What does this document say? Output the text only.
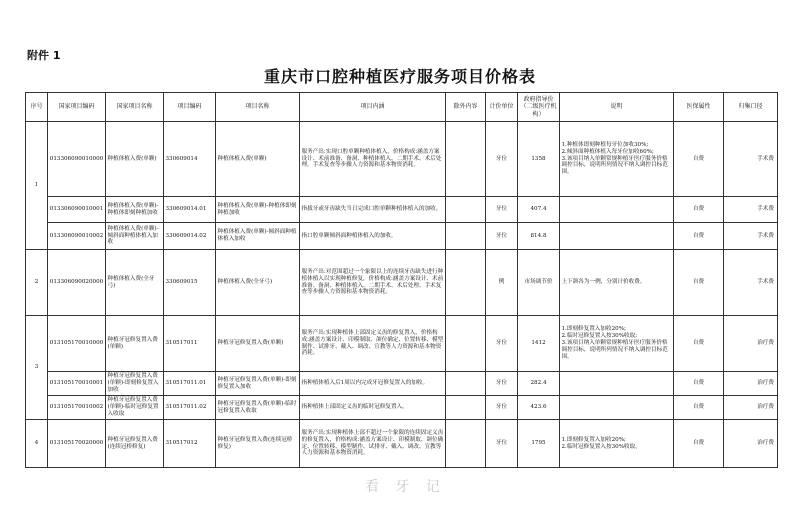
附件 1
重庆市口腔种植医疗服务项目价格表
序号	国家项目编码	国家项目名称	项目编码	项目名称	项目内涵	除外内容	计价单位	政府指导价（二级医疗机构）	说明	医保属性	归集口径
1	013306090010000	种植体植入费(单颗)	330609014	种植体植入费(单颗)	服务产出:实现口腔单颗种植体植入，价格构成:涵盖方案设计、术前准备、备洞、种植体植入、二期手术、术后处理，手术复查等步骤人力资源和基本物资消耗。		牙位	1358	1.种植体即刻种植每牙位加收30%;
2.倾斜面种植体植入每牙位加收60%;
3.该项目纳入单颗常规种植牙医疗服务价格调控目标，说明所列情况不纳入调控目标范围。	自费	手术费
	013306090010001	种植体植入费(单颗)-种植体即刻种植加收	330609014.01	种植体植入费(单颗)-种植体即刻种植加收	指拔牙或牙齿缺失当日完成口腔单颗种植体植入的加收。		牙位	407.4		自费	手术费
	013306090010002	种植体植入费(单颗)-倾斜面种植体植入加收	330609014.02	种植体植入费(单颗)-倾斜面种植体植入加收	指口腔单颗倾斜面种植体植入的加收。		牙位	814.8		自费	手术费
2	013306090020000	种植体植入费(全牙弓)	330609015	种植体植入费(全牙弓)	服务产出:对范围超过一个象限以上的连续牙齿缺失进行种植体植入以实现种植修复，价格构成:涵盖方案设计、术前准备、备洞、种植体植入、二期手术、术后处理、手术复查等步骤人力资源和基本物资消耗。		例	市场调节价	上下颌各为一例，分别计价收费。	自费	手术费
3	013105170010000	种植牙冠修复置入费(单颗)	310517011	种植牙冠修复置入费(单颗)	服务产出:实现种植体上部固定义齿的修复置入，价格构成:涵盖方案设计、印模制取、颌位确定、位置转移、模型制作、试排牙、戴入、调改、宣教等人力资源和基本物资消耗。		牙位	1412	1.即刻修复置入加收20%;
2.临时冠修复置入按30%收取;
3.该项目纳入单颗常规种植牙医疗服务价格调控目标，说明所列情况不纳入调控目标范围。	自费	治疗费
	013105170010001	种植牙冠修复置入费(单颗)-即刻修复置入加收	310517011.01	种植牙冠修复置入费(单颗)-即刻修复置入加收	指种植体植入后1周以内完成牙冠修复置入的加收。		牙位	282.4		自费	治疗费
	013105170010002	种植牙冠修复置入费(单颗)-临时冠修复置入收取	310517011.02	种植牙冠修复置入费(单颗)-临时冠修复置入收取	指种植体上部固定义齿的临时冠修复置入。		牙位	423.6		自费	治疗费
4	013105170020000	种植牙冠修复置入费(连续冠桥修复)	310517012	种植牙冠修复置入费(连续冠桥修复)	服务产出:实现种植体上部不超过一个象限的连续固定义齿的修复置入，价格构成:涵盖方案设计、印模制取、颌位确定、位置转移、模型制作、试排牙、戴入、调改、宣教等人力资源和基本物资消耗。		牙位	1795	1.即刻修复置入加收20%;
2.临时冠修复置入按30%收取。	自费	治疗费
看 牙 记
